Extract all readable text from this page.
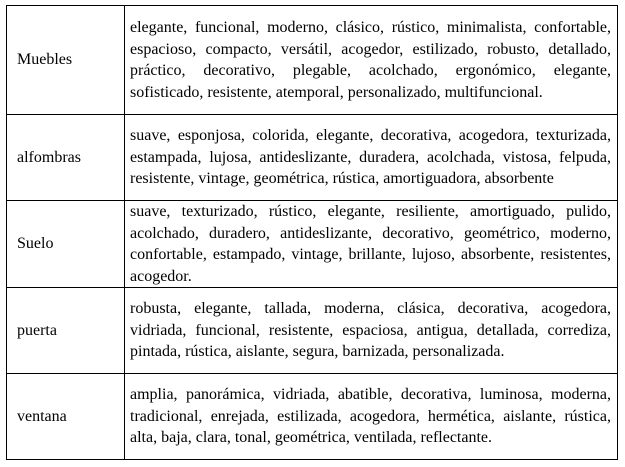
Muebles	elegante, funcional, moderno, clásico, rústico, minimalista, confortable, espacioso, compacto, versátil, acogedor, estilizado, robusto, detallado, práctico, decorativo, plegable, acolchado, ergonómico, elegante, sofisticado, resistente, atemporal, personalizado, multifuncional.
alfombras	suave, esponjosa, colorida, elegante, decorativa, acogedora, texturizada, estampada, lujosa, antideslizante, duradera, acolchada, vistosa, felpuda, resistente, vintage, geométrica, rústica, amortiguadora, absorbente
Suelo	suave, texturizado, rústico, elegante, resiliente, amortiguado, pulido, acolchado, duradero, antideslizante, decorativo, geométrico, moderno, confortable, estampado, vintage, brillante, lujoso, absorbente, resistentes, acogedor.
puerta	robusta, elegante, tallada, moderna, clásica, decorativa, acogedora, vidriada, funcional, resistente, espaciosa, antigua, detallada, corrediza, pintada, rústica, aislante, segura, barnizada, personalizada.
ventana	amplia, panorámica, vidriada, abatible, decorativa, luminosa, moderna, tradicional, enrejada, estilizada, acogedora, hermética, aislante, rústica, alta, baja, clara, tonal, geométrica, ventilada, reflectante.
